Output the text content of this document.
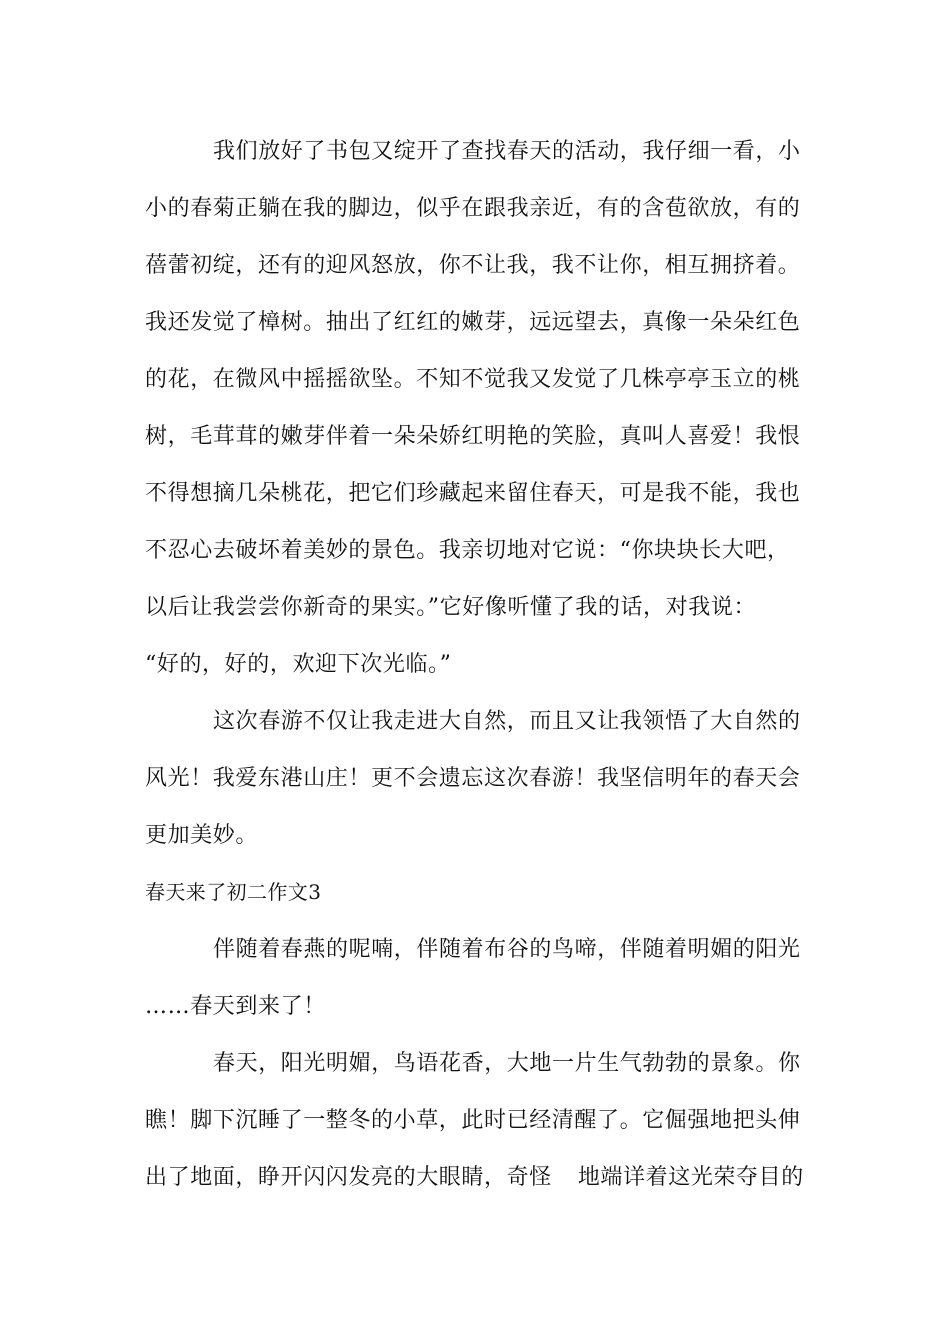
我们放好了书包又绽开了查找春天的活动，我仔细一看，小
小的春菊正躺在我的脚边，似乎在跟我亲近，有的含苞欲放，有的
蓓蕾初绽，还有的迎风怒放，你不让我，我不让你，相互拥挤着。
我还发觉了樟树。抽出了红红的嫩芽，远远望去，真像一朵朵红色
的花，在微风中摇摇欲坠。不知不觉我又发觉了几株亭亭玉立的桃
树，毛茸茸的嫩芽伴着一朵朵娇红明艳的笑脸，真叫人喜爱！我恨
不得想摘几朵桃花，把它们珍藏起来留住春天，可是我不能，我也
不忍心去破坏着美妙的景色。我亲切地对它说：“你块块长大吧，
以后让我尝尝你新奇的果实。”它好像听懂了我的话，对我说：
“好的，好的，欢迎下次光临。”
这次春游不仅让我走进大自然，而且又让我领悟了大自然的
风光！我爱东港山庄！更不会遗忘这次春游！我坚信明年的春天会
更加美妙。
春天来了初二作文3
伴随着春燕的呢喃，伴随着布谷的鸟啼，伴随着明媚的阳光
……春天到来了！
春天，阳光明媚，鸟语花香，大地一片生气勃勃的景象。你
瞧！脚下沉睡了一整冬的小草，此时已经清醒了。它倔强地把头伸
出了地面，睁开闪闪发亮的大眼睛，奇怪 地端详着这光荣夺目的
